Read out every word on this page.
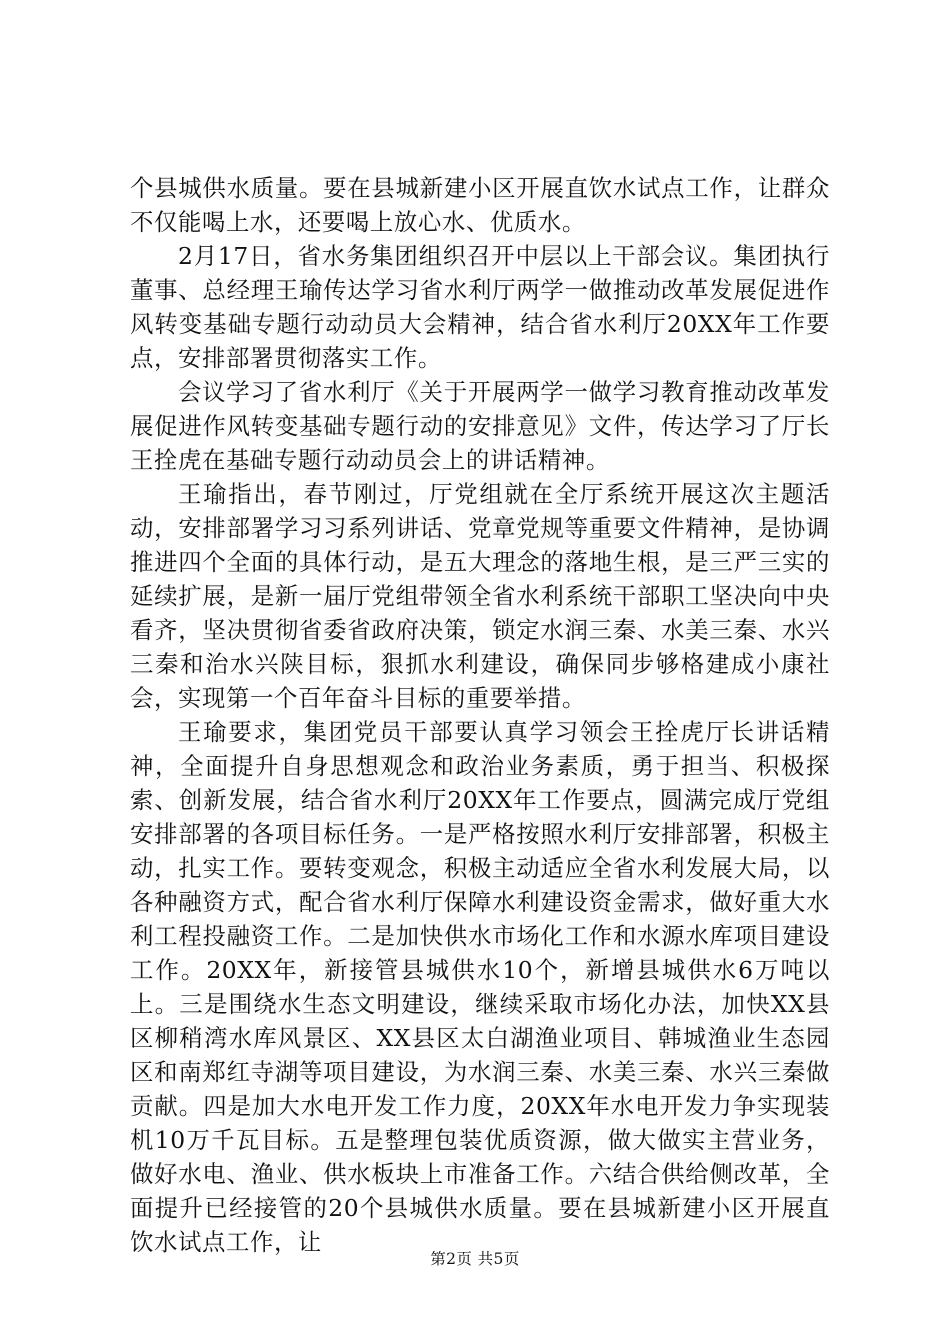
个县城供水质量。要在县城新建小区开展直饮水试点工作，让群众不仅能喝上水，还要喝上放心水、优质水。

2月17日，省水务集团组织召开中层以上干部会议。集团执行董事、总经理王瑜传达学习省水利厅两学一做推动改革发展促进作风转变基础专题行动动员大会精神，结合省水利厅20XX年工作要点，安排部署贯彻落实工作。

会议学习了省水利厅《关于开展两学一做学习教育推动改革发展促进作风转变基础专题行动的安排意见》文件，传达学习了厅长王拴虎在基础专题行动动员会上的讲话精神。

王瑜指出，春节刚过，厅党组就在全厅系统开展这次主题活动，安排部署学习习系列讲话、党章党规等重要文件精神，是协调推进四个全面的具体行动，是五大理念的落地生根，是三严三实的延续扩展，是新一届厅党组带领全省水利系统干部职工坚决向中央看齐，坚决贯彻省委省政府决策，锁定水润三秦、水美三秦、水兴三秦和治水兴陕目标，狠抓水利建设，确保同步够格建成小康社会，实现第一个百年奋斗目标的重要举措。

王瑜要求，集团党员干部要认真学习领会王拴虎厅长讲话精神，全面提升自身思想观念和政治业务素质，勇于担当、积极探索、创新发展，结合省水利厅20XX年工作要点，圆满完成厅党组安排部署的各项目标任务。一是严格按照水利厅安排部署，积极主动，扎实工作。要转变观念，积极主动适应全省水利发展大局，以各种融资方式，配合省水利厅保障水利建设资金需求，做好重大水利工程投融资工作。二是加快供水市场化工作和水源水库项目建设工作。20XX年，新接管县城供水10个，新增县城供水6万吨以上。三是围绕水生态文明建设，继续采取市场化办法，加快XX县区柳稍湾水库风景区、XX县区太白湖渔业项目、韩城渔业生态园区和南郑红寺湖等项目建设，为水润三秦、水美三秦、水兴三秦做贡献。四是加大水电开发工作力度，20XX年水电开发力争实现装机10万千瓦目标。五是整理包装优质资源，做大做实主营业务，做好水电、渔业、供水板块上市准备工作。六结合供给侧改革，全面提升已经接管的20个县城供水质量。要在县城新建小区开展直饮水试点工作，让

第2页 共5页
